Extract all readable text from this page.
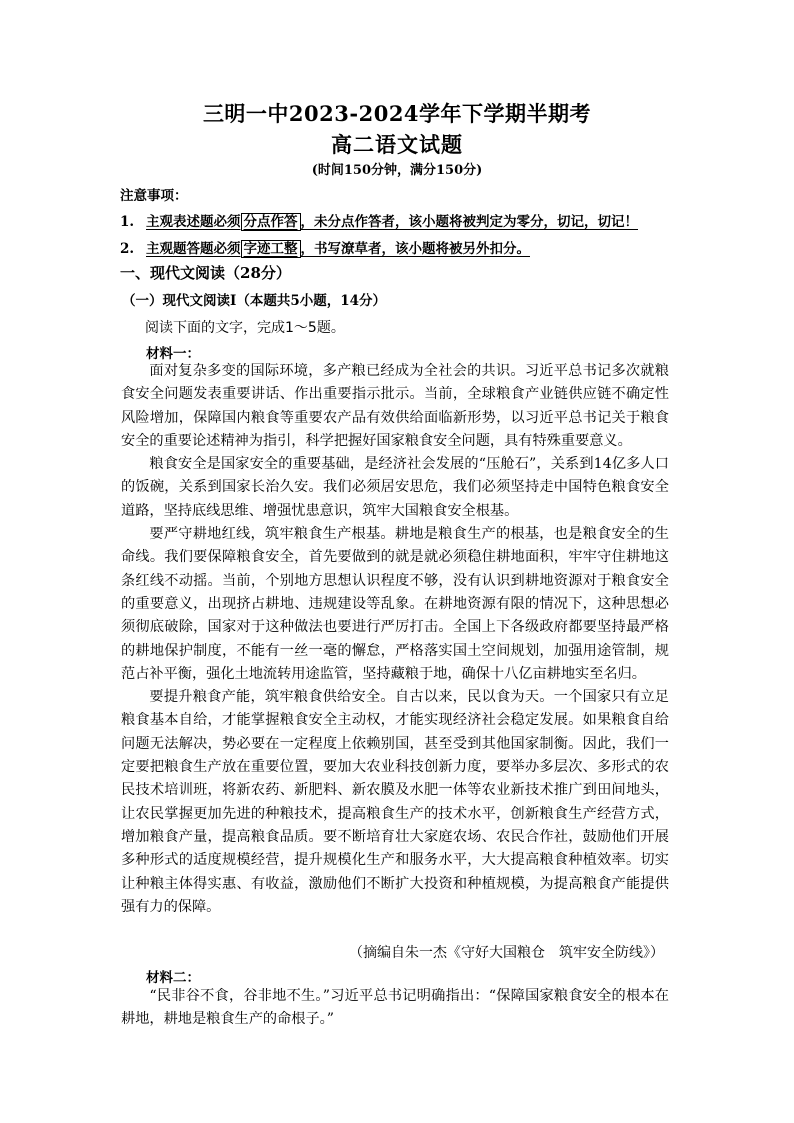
三明一中2023-2024学年下学期半期考
高二语文试题
(时间150分钟，满分150分)
注意事项：
1. 主观表述题必须 分点作答 ，未分点作答者，该小题将被判定为零分，切记，切记！
2. 主观题答题必须 字迹工整 ，书写潦草者，该小题将被另外扣分。
一、现代文阅读（28分）
（一）现代文阅读Ⅰ（本题共5小题，14分）
阅读下面的文字，完成1～5题。
材料一：

面对复杂多变的国际环境，多产粮已经成为全社会的共识。习近平总书记多次就粮食安全问题发表重要讲话、作出重要指示批示。当前，全球粮食产业链供应链不确定性风险增加，保障国内粮食等重要农产品有效供给面临新形势，以习近平总书记关于粮食安全的重要论述精神为指引，科学把握好国家粮食安全问题，具有特殊重要意义。

粮食安全是国家安全的重要基础，是经济社会发展的“压舱石”，关系到14亿多人口的饭碗，关系到国家长治久安。我们必须居安思危，我们必须坚持走中国特色粮食安全道路，坚持底线思维、增强忧患意识，筑牢大国粮食安全根基。

要严守耕地红线，筑牢粮食生产根基。耕地是粮食生产的根基，也是粮食安全的生命线。我们要保障粮食安全，首先要做到的就是就必须稳住耕地面积，牢牢守住耕地这条红线不动摇。当前，个别地方思想认识程度不够，没有认识到耕地资源对于粮食安全的重要意义，出现挤占耕地、违规建设等乱象。在耕地资源有限的情况下，这种思想必须彻底破除，国家对于这种做法也要进行严厉打击。全国上下各级政府都要坚持最严格的耕地保护制度，不能有一丝一毫的懈怠，严格落实国土空间规划，加强用途管制，规范占补平衡，强化土地流转用途监管，坚持藏粮于地，确保十八亿亩耕地实至名归。

要提升粮食产能，筑牢粮食供给安全。自古以来，民以食为天。一个国家只有立足粮食基本自给，才能掌握粮食安全主动权，才能实现经济社会稳定发展。如果粮食自给问题无法解决，势必要在一定程度上依赖别国，甚至受到其他国家制衡。因此，我们一定要把粮食生产放在重要位置，要加大农业科技创新力度，要举办多层次、多形式的农民技术培训班，将新农药、新肥料、新农膜及水肥一体等农业新技术推广到田间地头，让农民掌握更加先进的种粮技术，提高粮食生产的技术水平，创新粮食生产经营方式，增加粮食产量，提高粮食品质。要不断培育壮大家庭农场、农民合作社，鼓励他们开展多种形式的适度规模经营，提升规模化生产和服务水平，大大提高粮食种植效率。切实让种粮主体得实惠、有收益，激励他们不断扩大投资和种植规模，为提高粮食产能提供强有力的保障。

（摘编自朱一杰《守好大国粮仓　筑牢安全防线》）
材料二：

“民非谷不食，谷非地不生。”习近平总书记明确指出：“保障国家粮食安全的根本在耕地，耕地是粮食生产的命根子。”
